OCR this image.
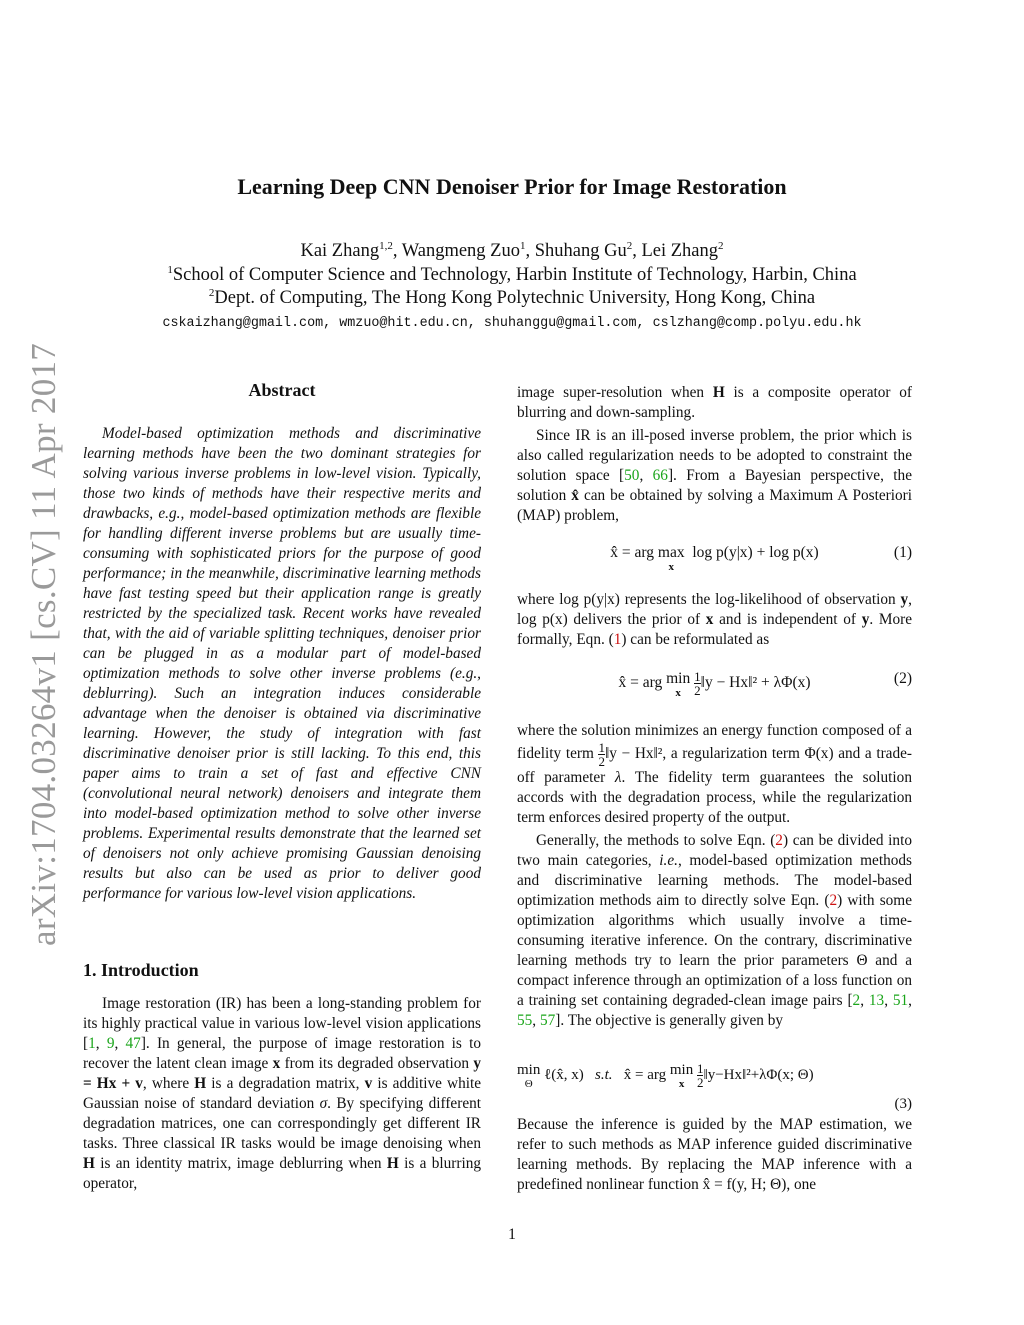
arXiv:1704.03264v1 [cs.CV] 11 Apr 2017
Learning Deep CNN Denoiser Prior for Image Restoration
Kai Zhang$^{1,2}$, Wangmeng Zuo$^1$, Shuhang Gu$^2$, Lei Zhang$^2$
$^1$School of Computer Science and Technology, Harbin Institute of Technology, Harbin, China
$^2$Dept. of Computing, The Hong Kong Polytechnic University, Hong Kong, China
cskaizhang@gmail.com, wmzuo@hit.edu.cn, shuhanggu@gmail.com, cslzhang@comp.polyu.edu.hk
Abstract

Model-based optimization methods and discriminative learning methods have been the two dominant strategies for solving various inverse problems in low-level vision. Typically, those two kinds of methods have their respective merits and drawbacks, e.g., model-based optimization methods are flexible for handling different inverse problems but are usually time-consuming with sophisticated priors for the purpose of good performance; in the meanwhile, discriminative learning methods have fast testing speed but their application range is greatly restricted by the specialized task. Recent works have revealed that, with the aid of variable splitting techniques, denoiser prior can be plugged in as a modular part of model-based optimization methods to solve other inverse problems (e.g., deblurring). Such an integration induces considerable advantage when the denoiser is obtained via discriminative learning. However, the study of integration with fast discriminative denoiser prior is still lacking. To this end, this paper aims to train a set of fast and effective CNN (convolutional neural network) denoisers and integrate them into model-based optimization method to solve other inverse problems. Experimental results demonstrate that the learned set of denoisers not only achieve promising Gaussian denoising results but also can be used as prior to deliver good performance for various low-level vision applications.

1. Introduction

Image restoration (IR) has been a long-standing problem for its highly practical value in various low-level vision applications [1, 9, 47]. In general, the purpose of image restoration is to recover the latent clean image x from its degraded observation y = Hx + v, where H is a degradation matrix, v is additive white Gaussian noise of standard deviation σ. By specifying different degradation matrices, one can correspondingly get different IR tasks. Three classical IR tasks would be image denoising when H is an identity matrix, image deblurring when H is a blurring operator,

image super-resolution when H is a composite operator of blurring and down-sampling.

Since IR is an ill-posed inverse problem, the prior which is also called regularization needs to be adopted to constraint the solution space [50, 66]. From a Bayesian perspective, the solution x̂ can be obtained by solving a Maximum A Posteriori (MAP) problem,

x̂ = arg max
x
log p(y|x) + log p(x)	(1)

where log p(y|x) represents the log-likelihood of observation y, log p(x) delivers the prior of x and is independent of y. More formally, Eqn. (1) can be reformulated as

x̂ = arg min
x
	$\frac{1}{2}$ ‖y − Hx‖² + λΦ(x)	(2)

where the solution minimizes an energy function composed of a fidelity term $\frac{1}{2}$ ‖y − Hx‖², a regularization term Φ(x) and a trade-off parameter λ. The fidelity term guarantees the solution accords with the degradation process, while the regularization term enforces desired property of the output.

Generally, the methods to solve Eqn. (2) can be divided into two main categories, i.e., model-based optimization methods and discriminative learning methods. The model-based optimization methods aim to directly solve Eqn. (2) with some optimization algorithms which usually involve a time-consuming iterative inference. On the contrary, discriminative learning methods try to learn the prior parameters Θ and a compact inference through an optimization of a loss function on a training set containing degraded-clean image pairs [2, 13, 51, 55, 57]. The objective is generally given by

min
Θ
ℓ(x̂, x) s.t. x̂ = arg min
x
$\frac{1}{2}$ ‖y−Hx‖²+λΦ(x; Θ)
(3)

Because the inference is guided by the MAP estimation, we refer to such methods as MAP inference guided discriminative learning methods. By replacing the MAP inference with a predefined nonlinear function x̂ = f(y, H; Θ), one

1
